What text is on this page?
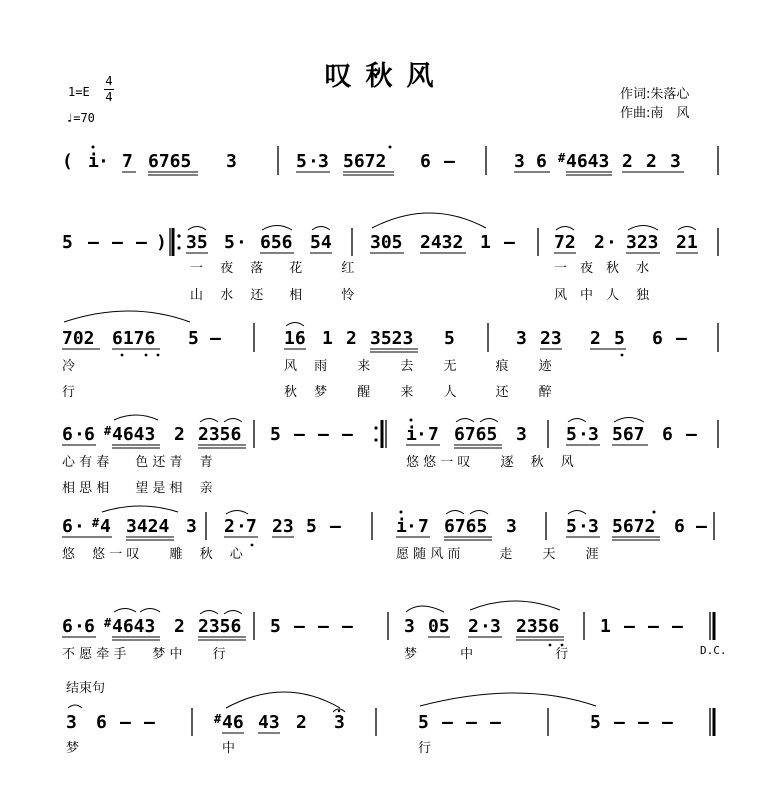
叹秋风
1=E
4
4
♩=70
作词:朱落心
作曲:南　风
( i · 7 6765 3	5 · 3 5672 6 –	3 6 # 4643 2 2 3
5 – – – ) 35 5 · 656 54 305 2432 1 – 72 2 · 323 21
一　 夜　 落　　花　　　红	一　夜　秋　 水
山　 水　 还　　相　　　怜	风　中　人　 独
702 6176 5 –	16 1 2 3523 5	3 23 2 5 6 –
冷	风　 雨　　 来　　 去　　 无　　　痕　　 迹
行	秋　 梦　　 醒　　 来　　 人　　　还　　 醉
6 · 6 # 4643 2 2356 5 – – –	i · 7 6765 3 5 · 3 567 6 –
心 有 春　　色 还 青　 青	悠 悠 一 叹　　 逐　 秋　 风
相 思 相　　望 是 相　 亲
6 · # 4 3424 3 2 · 7 23 5 –	i · 7 6765 3	5 · 3 5672 6 –
悠　 悠 一 叹　　 雕　 秋　 心	愿 随 风 而　　　走　　 天　　 涯
6 · 6 # 4643 2 2356 5 – – –	3 05 2 · 3 2356 1 – – –
不 愿 牵 手　　梦 中　　 行	梦　　　 中　　　　　　 行	D.C.
结束句
3 6 – –	# 46 43 2 3	5 – – –	5 – – –
梦	中	行
